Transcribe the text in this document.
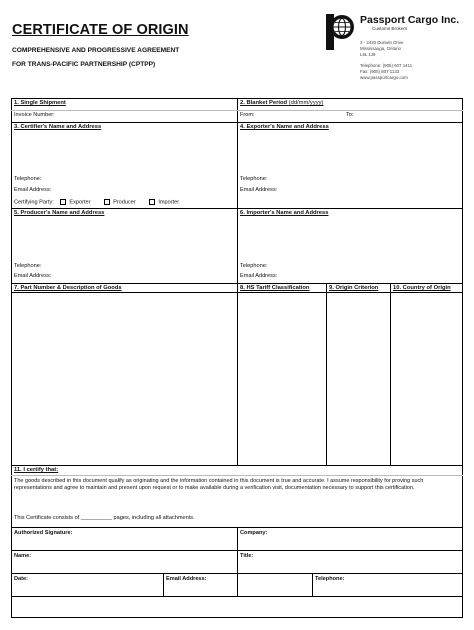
CERTIFICATE OF ORIGIN
COMPREHENSIVE AND PROGRESSIVE AGREEMENT
FOR TRANS-PACIFIC PARTNERSHIP (CPTPP)
Passport Cargo Inc.
Customs Brokers
3 - 2420 Dunwin Drive
Mississauga, Ontario
L5L 1J9
Telephone: (905) 607 1411
Fax: (905) 607 1133
www.passportcargo.com
1. Single Shipment
Invoice Number:
2. Blanket Period (dd/mm/yyyy)
From:	To:
3. Certifier's Name and Address
Telephone:
Email Address:
Certifying Party:	Exporter	Producer	Importer
4. Exporter's Name and Address
Telephone:
Email Address:
5. Producer's Name and Address
Telephone:
Email Address:
6. Importer's Name and Address
Telephone:
Email Address:
7. Part Number & Description of Goods	8. HS Tariff Classification	9. Origin Criterion	10. Country of Origin
11. I certify that:
The goods described in this document qualify as originating and the information contained in this document is true and accurate. I assume responsibility for proving such representations and agree to maintain and present upon request or to make available during a verification visit, documentation necessary to support this certification.
This Certificate consists of __________ pages, including all attachments.
Authorized Signature:	Company:
Name:	Title:
Date:	Email Address:	Telephone:
